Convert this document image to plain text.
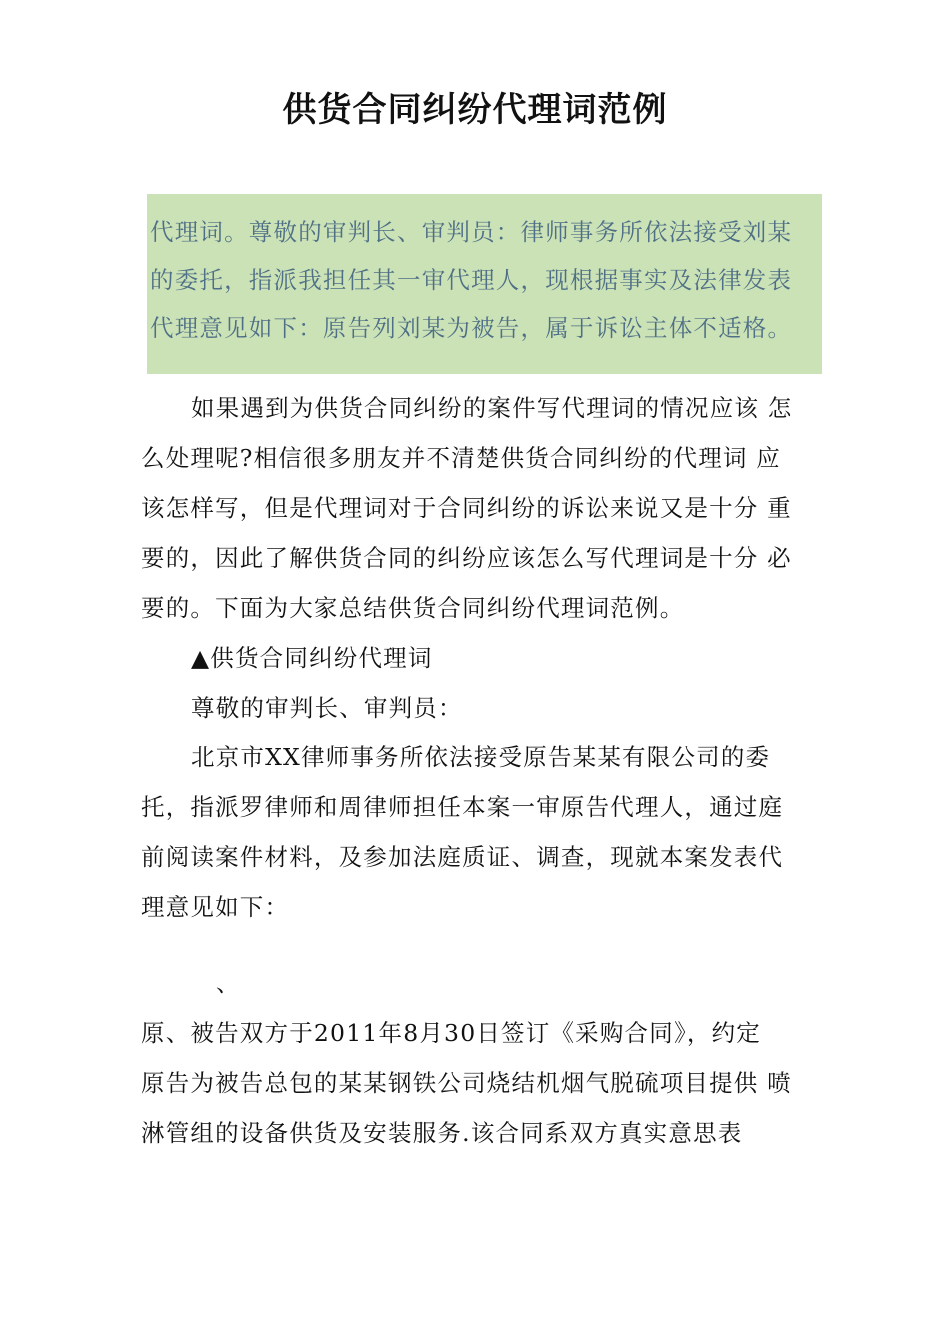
供货合同纠纷代理词范例
代理词。尊敬的审判长、审判员：律师事务所依法接受刘某
的委托，指派我担任其一审代理人，现根据事实及法律发表
代理意见如下：原告列刘某为被告，属于诉讼主体不适格。
如果遇到为供货合同纠纷的案件写代理词的情况应该 怎
么处理呢?相信很多朋友并不清楚供货合同纠纷的代理词 应
该怎样写，但是代理词对于合同纠纷的诉讼来说又是十分 重
要的，因此了解供货合同的纠纷应该怎么写代理词是十分 必
要的。下面为大家总结供货合同纠纷代理词范例。
▲供货合同纠纷代理词
尊敬的审判长、审判员：
北京市XX律师事务所依法接受原告某某有限公司的委
托，指派罗律师和周律师担任本案一审原告代理人，通过庭
前阅读案件材料，及参加法庭质证、调查，现就本案发表代
理意见如下：
、
原、被告双方于2011年8月30日签订《采购合同》，约定
原告为被告总包的某某钢铁公司烧结机烟气脱硫项目提供 喷
淋管组的设备供货及安装服务.该合同系双方真实意思表
